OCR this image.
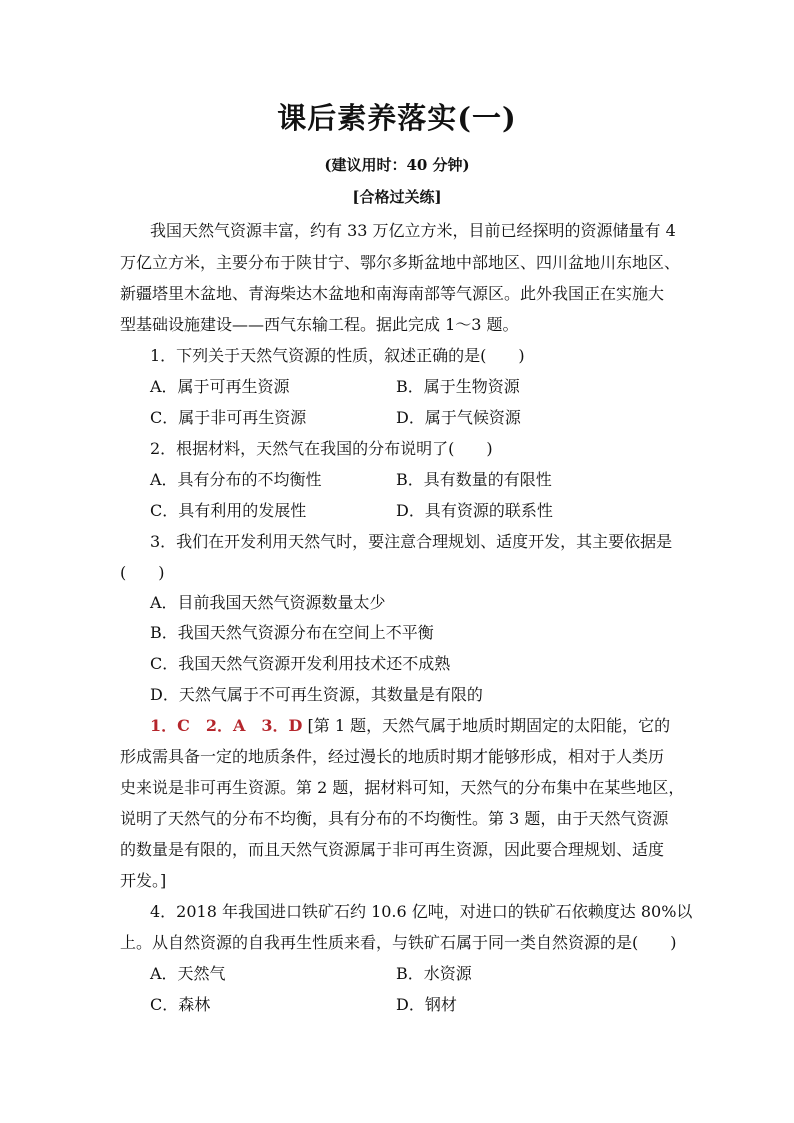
课后素养落实(一)
(建议用时：40 分钟)
[合格过关练]
我国天然气资源丰富，约有 33 万亿立方米，目前已经探明的资源储量有 4
万亿立方米，主要分布于陕甘宁、鄂尔多斯盆地中部地区、四川盆地川东地区、
新疆塔里木盆地、青海柴达木盆地和南海南部等气源区。此外我国正在实施大
型基础设施建设——西气东输工程。据此完成 1～3 题。
1．下列关于天然气资源的性质，叙述正确的是(　　)
A．属于可再生资源	B．属于生物资源
C．属于非可再生资源	D．属于气候资源
2．根据材料，天然气在我国的分布说明了(　　)
A．具有分布的不均衡性	B．具有数量的有限性
C．具有利用的发展性	D．具有资源的联系性
3．我们在开发利用天然气时，要注意合理规划、适度开发，其主要依据是
(　　)
A．目前我国天然气资源数量太少
B．我国天然气资源分布在空间上不平衡
C．我国天然气资源开发利用技术还不成熟
D．天然气属于不可再生资源，其数量是有限的
1．C　2．A　3．D [第 1 题，天然气属于地质时期固定的太阳能，它的
形成需具备一定的地质条件，经过漫长的地质时期才能够形成，相对于人类历
史来说是非可再生资源。第 2 题，据材料可知，天然气的分布集中在某些地区，
说明了天然气的分布不均衡，具有分布的不均衡性。第 3 题，由于天然气资源
的数量是有限的，而且天然气资源属于非可再生资源，因此要合理规划、适度
开发。]
4．2018 年我国进口铁矿石约 10.6 亿吨，对进口的铁矿石依赖度达 80%以
上。从自然资源的自我再生性质来看，与铁矿石属于同一类自然资源的是(　　)
A．天然气	B．水资源
C．森林	D．钢材
